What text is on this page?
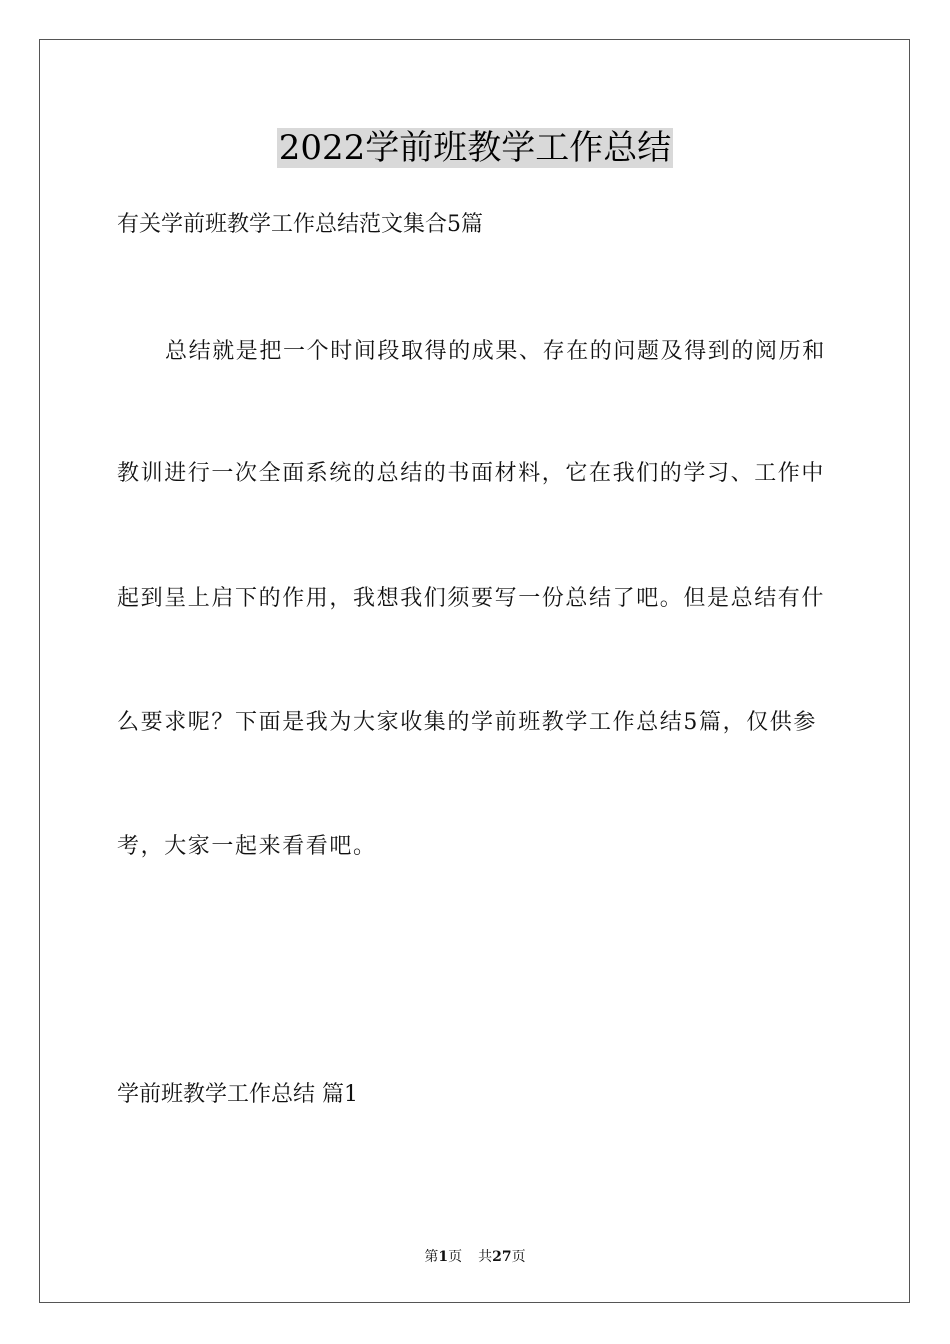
2022学前班教学工作总结
有关学前班教学工作总结范文集合5篇
总结就是把一个时间段取得的成果、存在的问题及得到的阅历和
教训进行一次全面系统的总结的书面材料，它在我们的学习、工作中
起到呈上启下的作用，我想我们须要写一份总结了吧。但是总结有什
么要求呢？下面是我为大家收集的学前班教学工作总结5篇，仅供参
考，大家一起来看看吧。
学前班教学工作总结 篇1
第1页 共27页
